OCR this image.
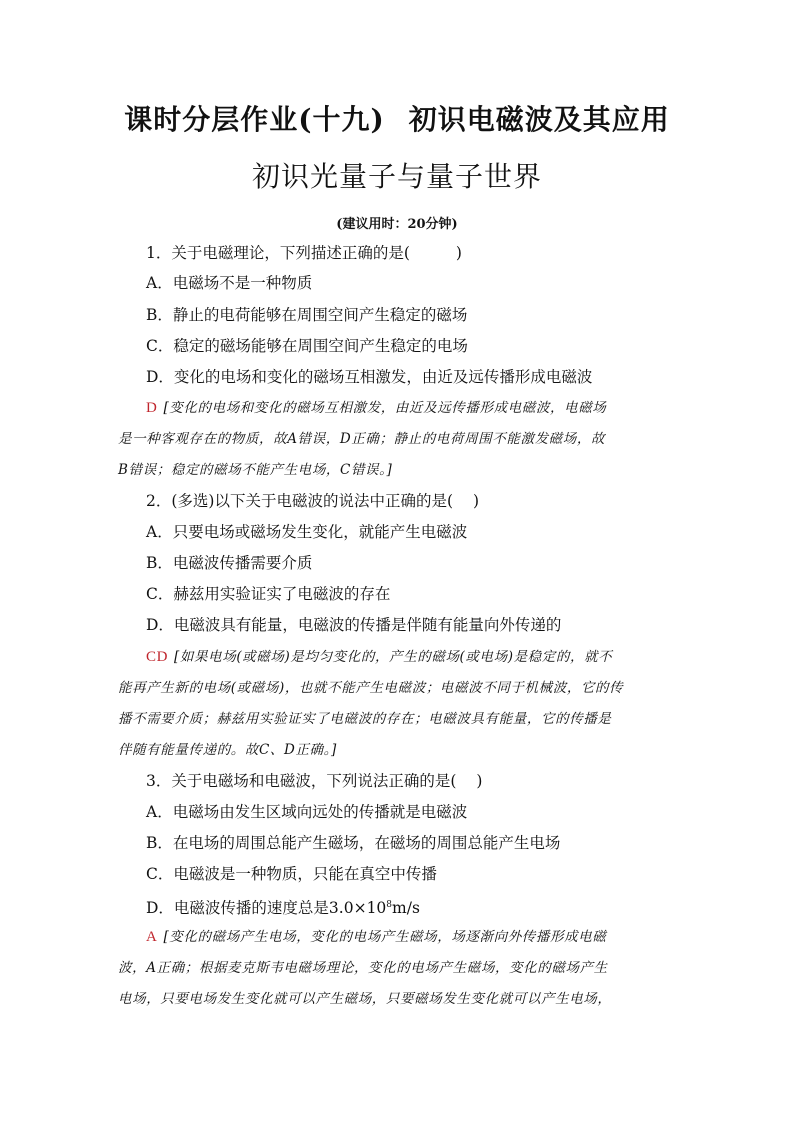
课时分层作业(十九) 初识电磁波及其应用
初识光量子与量子世界
(建议用时：20分钟)
1．关于电磁理论，下列描述正确的是(	)
A．电磁场不是一种物质
B．静止的电荷能够在周围空间产生稳定的磁场
C．稳定的磁场能够在周围空间产生稳定的电场
D．变化的电场和变化的磁场互相激发，由近及远传播形成电磁波
D [变化的电场和变化的磁场互相激发，由近及远传播形成电磁波，电磁场
是一种客观存在的物质，故A错误，D正确；静止的电荷周围不能激发磁场，故
B错误；稳定的磁场不能产生电场，C错误。]
2．(多选)以下关于电磁波的说法中正确的是( )
A．只要电场或磁场发生变化，就能产生电磁波
B．电磁波传播需要介质
C．赫兹用实验证实了电磁波的存在
D．电磁波具有能量，电磁波的传播是伴随有能量向外传递的
CD [如果电场(或磁场)是均匀变化的，产生的磁场(或电场)是稳定的，就不
能再产生新的电场(或磁场)，也就不能产生电磁波；电磁波不同于机械波，它的传
播不需要介质；赫兹用实验证实了电磁波的存在；电磁波具有能量，它的传播是
伴随有能量传递的。故C、D正确。]
3．关于电磁场和电磁波，下列说法正确的是( )
A．电磁场由发生区域向远处的传播就是电磁波
B．在电场的周围总能产生磁场，在磁场的周围总能产生电场
C．电磁波是一种物质，只能在真空中传播
D．电磁波传播的速度总是$3.0\times 10^8m/s$
A [变化的磁场产生电场，变化的电场产生磁场，场逐渐向外传播形成电磁
波，A正确；根据麦克斯韦电磁场理论，变化的电场产生磁场，变化的磁场产生
电场，只要电场发生变化就可以产生磁场，只要磁场发生变化就可以产生电场，
